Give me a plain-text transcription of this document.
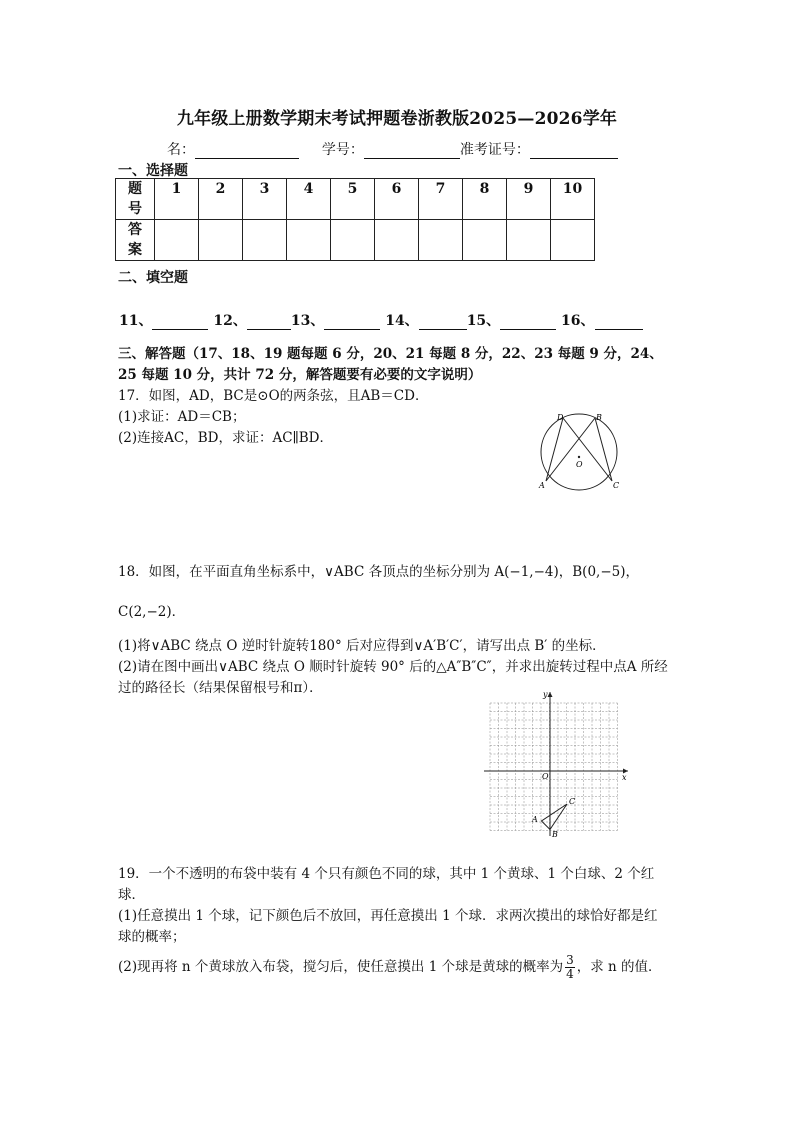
九年级上册数学期末考试押题卷浙教版2025—2026学年
名：	学号：	准考证号：
一、选择题
题
号	1	2	3	4	5	6	7	8	9	10
答
案										
二、填空题
11、	12、	13、	14、	15、	16、
三、解答题（17、18、19 题每题 6 分，20、21 每题 8 分，22、23 每题 9 分，24、
25 每题 10 分，共计 72 分，解答题要有必要的文字说明）
17．如图，AD，BC是⊙O的两条弦，且AB＝CD．
(1)求证：AD＝CB；
(2)连接AC，BD，求证：AC∥BD．
D	B
A	C
O
18．如图，在平面直角坐标系中，∨ABC 各顶点的坐标分别为 A(−1,−4)，B(0,−5)，
C(2,−2)．
(1)将∨ABC 绕点 O 逆时针旋转180° 后对应得到∨A′B′C′，请写出点 B′ 的坐标．
(2)请在图中画出∨ABC 绕点 O 顺时针旋转 90° 后的△A″B″C″，并求出旋转过程中点A 所经
过的路径长（结果保留根号和π）．	y
x
O
A
B
C
19．一个不透明的布袋中装有 4 个只有颜色不同的球，其中 1 个黄球、1 个白球、2 个红
球．
(1)任意摸出 1 个球，记下颜色后不放回，再任意摸出 1 个球．求两次摸出的球恰好都是红
球的概率；
(2)现再将 n 个黄球放入布袋，搅匀后，使任意摸出 1 个球是黄球的概率为 $\frac{3}{4}$ ，求 n 的值．
